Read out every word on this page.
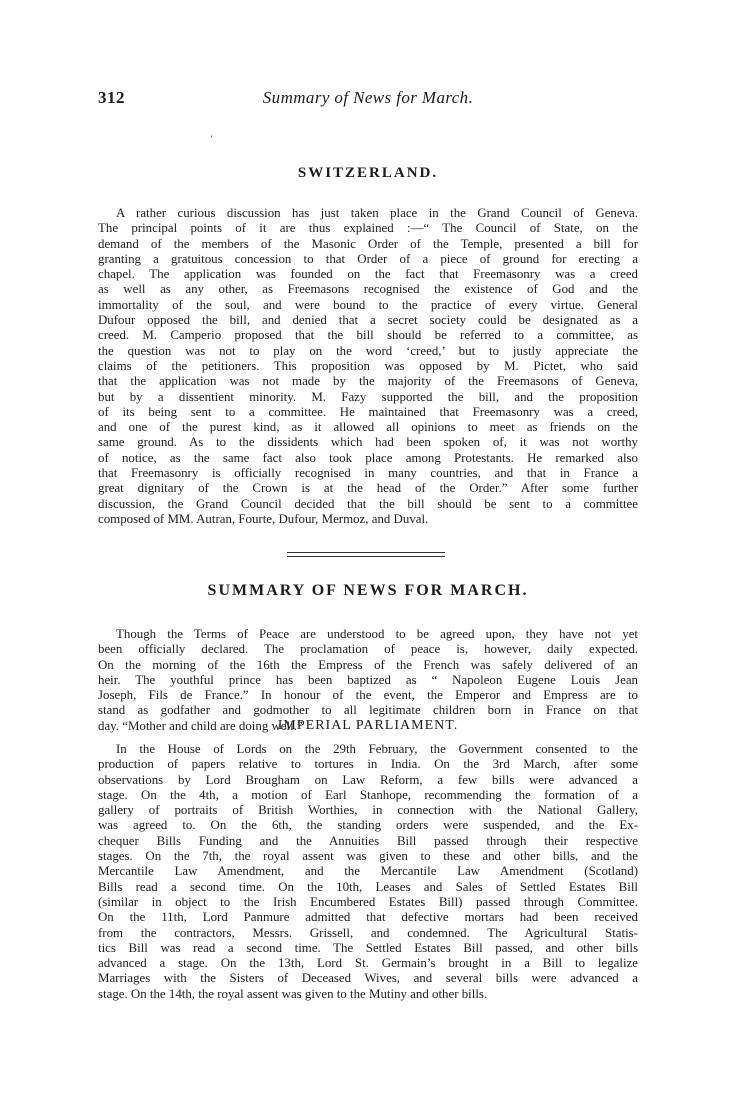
312	Summary of News for March.
ʼ
SWITZERLAND.
A rather curious discussion has just taken place in the Grand Council of Geneva.
The principal points of it are thus explained :—“ The Council of State, on the
demand of the members of the Masonic Order of the Temple, presented a bill for
granting a gratuitous concession to that Order of a piece of ground for erecting a
chapel. The application was founded on the fact that Freemasonry was a creed
as well as any other, as Freemasons recognised the existence of God and the
immortality of the soul, and were bound to the practice of every virtue. General
Dufour opposed the bill, and denied that a secret society could be designated as a
creed. M. Camperio proposed that the bill should be referred to a committee, as
the question was not to play on the word ‘creed,’ but to justly appreciate the
claims of the petitioners. This proposition was opposed by M. Pictet, who said
that the application was not made by the majority of the Freemasons of Geneva,
but by a dissentient minority. M. Fazy supported the bill, and the proposition
of its being sent to a committee. He maintained that Freemasonry was a creed,
and one of the purest kind, as it allowed all opinions to meet as friends on the
same ground. As to the dissidents which had been spoken of, it was not worthy
of notice, as the same fact also took place among Protestants. He remarked also
that Freemasonry is officially recognised in many countries, and that in France a
great dignitary of the Crown is at the head of the Order.” After some further
discussion, the Grand Council decided that the bill should be sent to a committee
composed of MM. Autran, Fourte, Dufour, Mermoz, and Duval.
SUMMARY OF NEWS FOR MARCH.
Though the Terms of Peace are understood to be agreed upon, they have not yet
been officially declared. The proclamation of peace is, however, daily expected.
On the morning of the 16th the Empress of the French was safely delivered of an
heir. The youthful prince has been baptized as “ Napoleon Eugene Louis Jean
Joseph, Fils de France.” In honour of the event, the Emperor and Empress are to
stand as godfather and godmother to all legitimate children born in France on that
day. “Mother and child are doing well.”
IMPERIAL PARLIAMENT.
In the House of Lords on the 29th February, the Government consented to the
production of papers relative to tortures in India. On the 3rd March, after some
observations by Lord Brougham on Law Reform, a few bills were advanced a
stage. On the 4th, a motion of Earl Stanhope, recommending the formation of a
gallery of portraits of British Worthies, in connection with the National Gallery,
was agreed to. On the 6th, the standing orders were suspended, and the Ex-
chequer Bills Funding and the Annuities Bill passed through their respective
stages. On the 7th, the royal assent was given to these and other bills, and the
Mercantile Law Amendment, and the Mercantile Law Amendment (Scotland)
Bills read a second time. On the 10th, Leases and Sales of Settled Estates Bill
(similar in object to the Irish Encumbered Estates Bill) passed through Committee.
On the 11th, Lord Panmure admitted that defective mortars had been received
from the contractors, Messrs. Grissell, and condemned. The Agricultural Statis-
tics Bill was read a second time. The Settled Estates Bill passed, and other bills
advanced a stage. On the 13th, Lord St. Germain’s brought in a Bill to legalize
Marriages with the Sisters of Deceased Wives, and several bills were advanced a
stage. On the 14th, the royal assent was given to the Mutiny and other bills.
